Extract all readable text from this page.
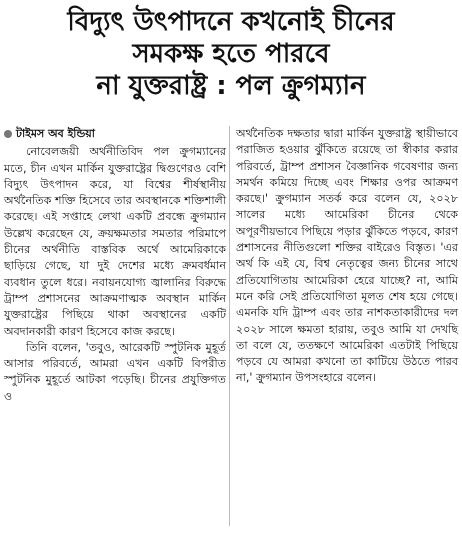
বিদ্যুৎ উৎপাদনে কখনোই চীনের
সমকক্ষ হতে পারবে
না যুক্তরাষ্ট্র : পল ক্রুগম্যান
টাইমস অব ইন্ডিয়া

নোবেলজয়ী অর্থনীতিবিদ পল ক্রুগম্যানের মতে, চীন এখন মার্কিন যুক্তরাষ্ট্রের দ্বিগুণেরও বেশি বিদ্যুৎ উৎপাদন করে, যা বিশ্বের শীর্ষস্থানীয় অর্থনৈতিক শক্তি হিসেবে তার অবস্থানকে শক্তিশালী করেছে। এই সপ্তাহে লেখা একটি প্রবন্ধে ক্রুগম্যান উল্লেখ করেছেন যে, ক্রয়ক্ষমতার সমতার পরিমাপে চীনের অর্থনীতি বাস্তবিক অর্থে আমেরিকাকে ছাড়িয়ে গেছে, যা দুই দেশের মধ্যে ক্রমবর্ধমান ব্যবধান তুলে ধরে। নবায়নযোগ্য জ্বালানির বিরুদ্ধে ট্রাম্প প্রশাসনের আক্রমণাত্মক অবস্থান মার্কিন যুক্তরাষ্ট্রের পিছিয়ে থাকা অবস্থানের একটি অবদানকারী কারণ হিসেবে কাজ করছে।

তিনি বলেন, 'তবুও, আরেকটি স্পুটনিক মুহূর্ত আসার পরিবর্তে, আমরা এখন একটি বিপরীত স্পুটনিক মুহূর্তে আটকা পড়েছি। চীনের প্রযুক্তিগত ও

অর্থনৈতিক দক্ষতার দ্বারা মার্কিন যুক্তরাষ্ট্র স্থায়ীভাবে পরাজিত হওয়ার ঝুঁকিতে রয়েছে তা স্বীকার করার পরিবর্তে, ট্রাম্প প্রশাসন বৈজ্ঞানিক গবেষণার জন্য সমর্থন কমিয়ে দিচ্ছে এবং শিক্ষার ওপর আক্রমণ করছে।' ক্রুগম্যান সতর্ক করে বলেন যে, ২০২৮ সালের মধ্যে আমেরিকা চীনের থেকে অপূরণীয়ভাবে পিছিয়ে পড়ার ঝুঁকিতে পড়বে, কারণ প্রশাসনের নীতিগুলো শক্তির বাইরেও বিস্তৃত। 'এর অর্থ কি এই যে, বিশ্ব নেতৃত্বের জন্য চীনের সাথে প্রতিযোগিতায় আমেরিকা হেরে যাচ্ছে? না, আমি মনে করি সেই প্রতিযোগিতা মূলত শেষ হয়ে গেছে। এমনকি যদি ট্রাম্প এবং তার নাশকতাকারীদের দল ২০২৮ সালে ক্ষমতা হারায়, তবুও আমি যা দেখছি তা বলে যে, ততক্ষণে আমেরিকা এতটাই পিছিয়ে পড়বে যে আমরা কখনো তা কাটিয়ে উঠতে পারব না,' ক্রুগম্যান উপসংহারে বলেন।
